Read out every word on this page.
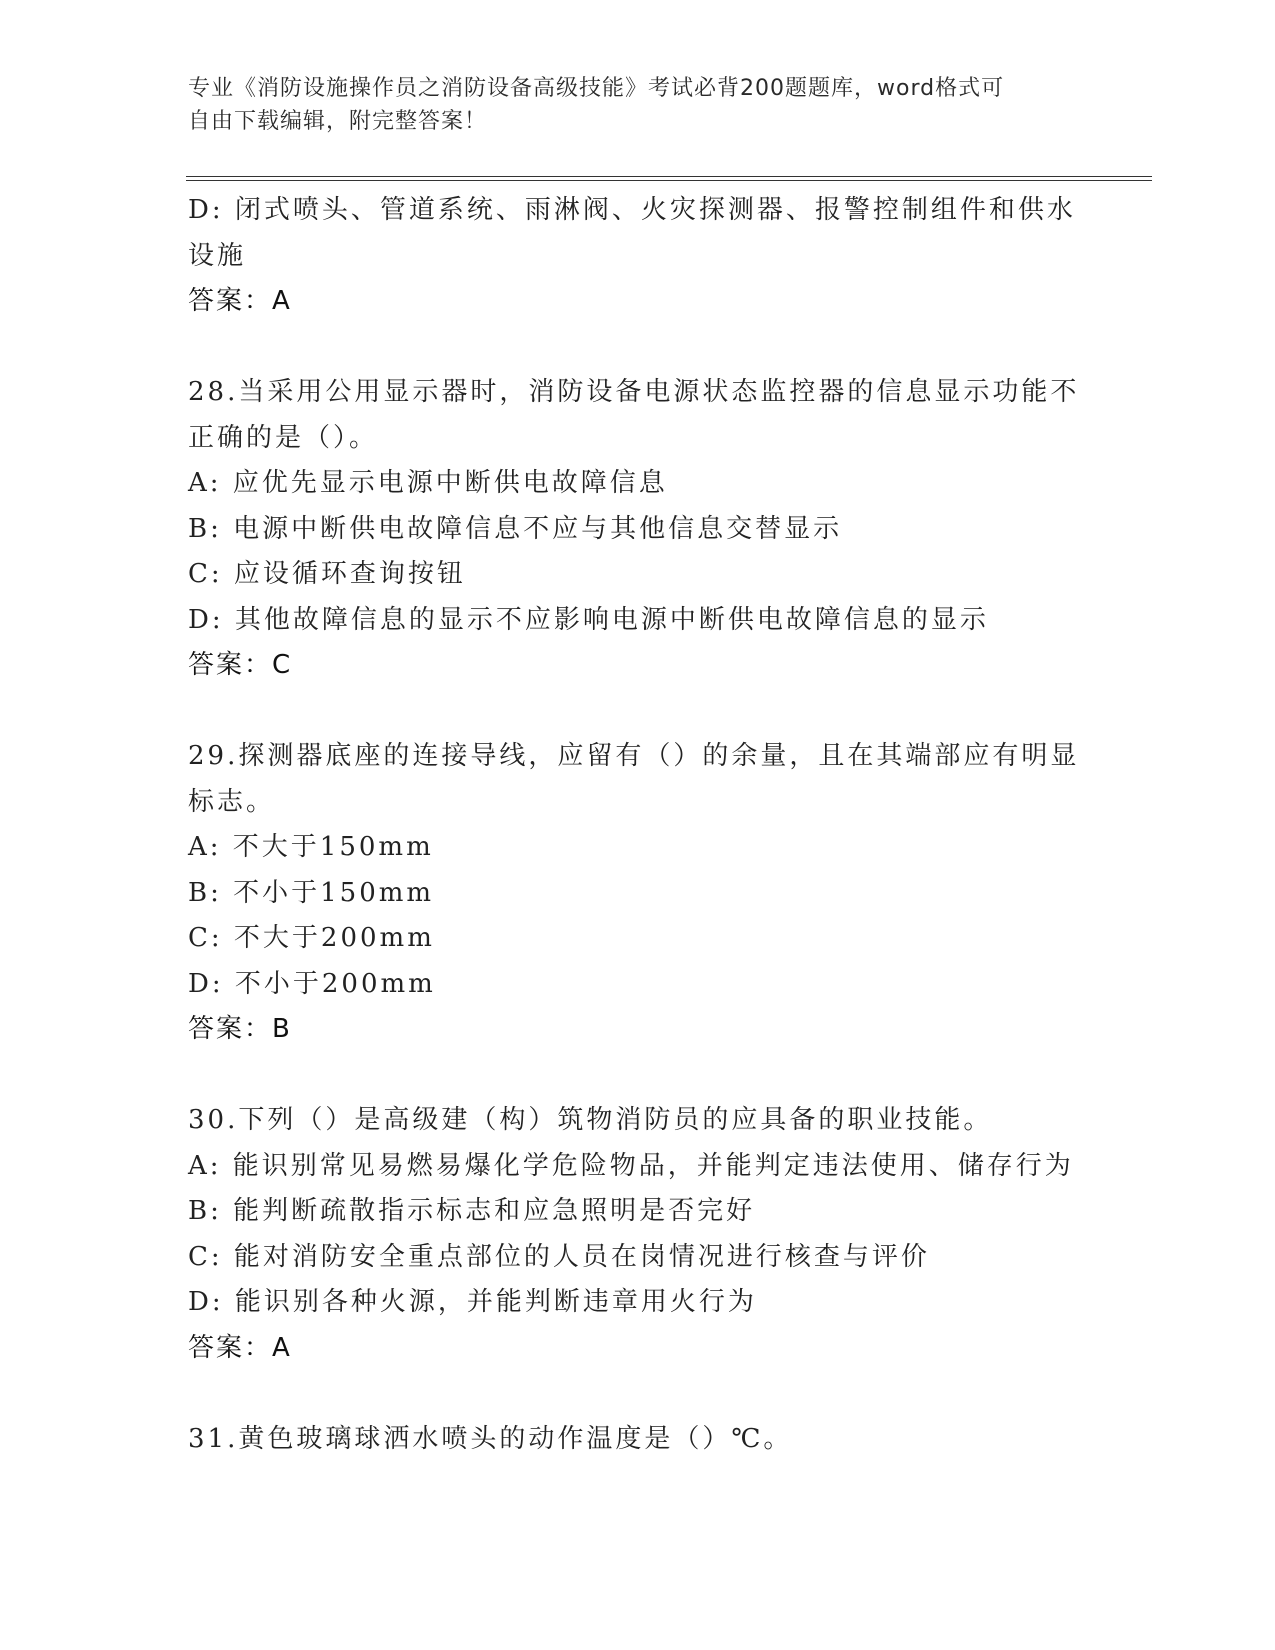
专业《消防设施操作员之消防设备高级技能》考试必背200题题库，word格式可
自由下载编辑，附完整答案！
D: 闭式喷头、管道系统、雨淋阀、火灾探测器、报警控制组件和供水
设施
答案：A
28.当采用公用显示器时，消防设备电源状态监控器的信息显示功能不
正确的是（）。
A: 应优先显示电源中断供电故障信息
B: 电源中断供电故障信息不应与其他信息交替显示
C: 应设循环查询按钮
D: 其他故障信息的显示不应影响电源中断供电故障信息的显示
答案：C
29.探测器底座的连接导线，应留有（）的余量，且在其端部应有明显
标志。
A: 不大于150mm
B: 不小于150mm
C: 不大于200mm
D: 不小于200mm
答案：B
30.下列（）是高级建（构）筑物消防员的应具备的职业技能。
A: 能识别常见易燃易爆化学危险物品，并能判定违法使用、储存行为
B: 能判断疏散指示标志和应急照明是否完好
C: 能对消防安全重点部位的人员在岗情况进行核查与评价
D: 能识别各种火源，并能判断违章用火行为
答案：A
31.黄色玻璃球洒水喷头的动作温度是（）℃。
